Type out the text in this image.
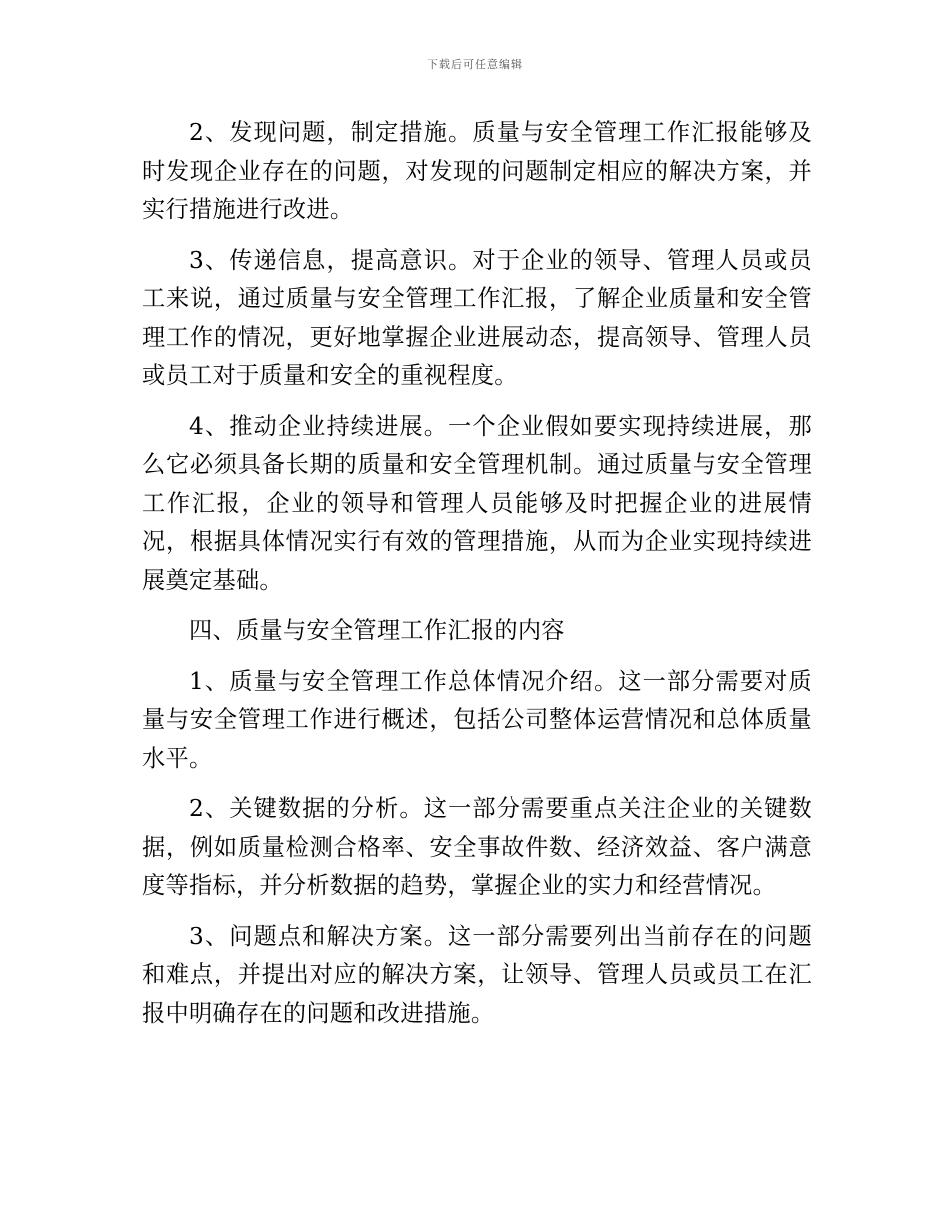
下载后可任意编辑

2、发现问题，制定措施。质量与安全管理工作汇报能够及时发现企业存在的问题，对发现的问题制定相应的解决方案，并实行措施进行改进。

3、传递信息，提高意识。对于企业的领导、管理人员或员工来说，通过质量与安全管理工作汇报，了解企业质量和安全管理工作的情况，更好地掌握企业进展动态，提高领导、管理人员或员工对于质量和安全的重视程度。

4、推动企业持续进展。一个企业假如要实现持续进展，那么它必须具备长期的质量和安全管理机制。通过质量与安全管理工作汇报，企业的领导和管理人员能够及时把握企业的进展情况，根据具体情况实行有效的管理措施，从而为企业实现持续进展奠定基础。

四、质量与安全管理工作汇报的内容

1、质量与安全管理工作总体情况介绍。这一部分需要对质量与安全管理工作进行概述，包括公司整体运营情况和总体质量水平。

2、关键数据的分析。这一部分需要重点关注企业的关键数据，例如质量检测合格率、安全事故件数、经济效益、客户满意度等指标，并分析数据的趋势，掌握企业的实力和经营情况。

3、问题点和解决方案。这一部分需要列出当前存在的问题和难点，并提出对应的解决方案，让领导、管理人员或员工在汇报中明确存在的问题和改进措施。
